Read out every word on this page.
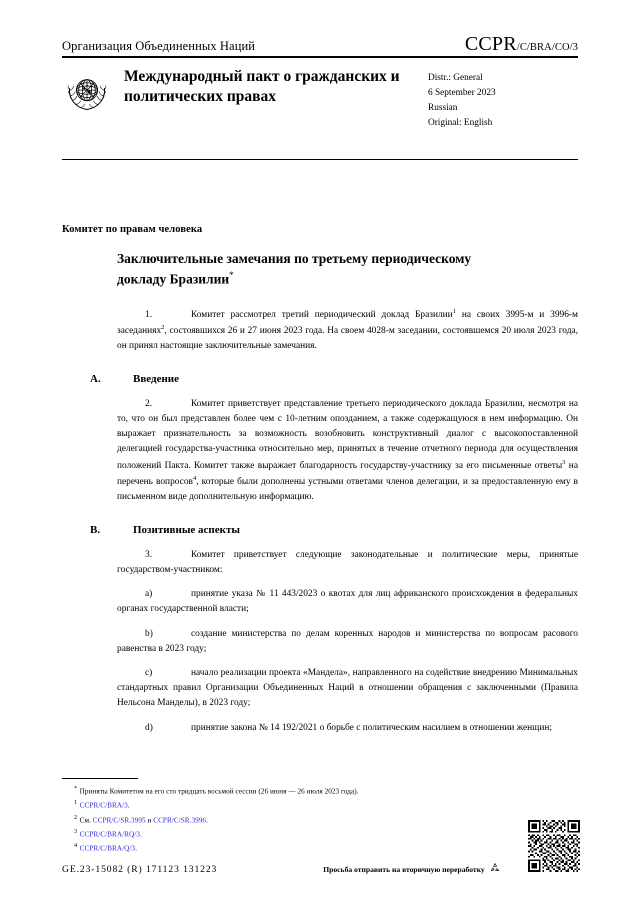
Организация Объединенных Наций	CCPR/C/BRA/CO/3
Международный пакт о гражданских и политических правах
Distr.: General
6 September 2023
Russian
Original: English
Комитет по правам человека
Заключительные замечания по третьему периодическому докладу Бразилии*

1.	Комитет рассмотрел третий периодический доклад Бразилии$^1$ на своих 3995-м и 3996-м заседаниях$^2$, состоявшихся 26 и 27 июня 2023 года. На своем 4028-м заседании, состоявшемся 20 июля 2023 года, он принял настоящие заключительные замечания.

A.	Введение

2.	Комитет приветствует представление третьего периодического доклада Бразилии, несмотря на то, что он был представлен более чем с 10-летним опозданием, а также содержащуюся в нем информацию. Он выражает признательность за возможность возобновить конструктивный диалог с высокопоставленной делегацией государства-участника относительно мер, принятых в течение отчетного периода для осуществления положений Пакта. Комитет также выражает благодарность государству-участнику за его письменные ответы$^3$ на перечень вопросов$^4$, которые были дополнены устными ответами членов делегации, и за предоставленную ему в письменном виде дополнительную информацию.

B.	Позитивные аспекты

3.	Комитет приветствует следующие законодательные и политические меры, принятые государством-участником:

a)	принятие указа № 11 443/2023 о квотах для лиц африканского происхождения в федеральных органах государственной власти;

b)	создание министерства по делам коренных народов и министерства по вопросам расового равенства в 2023 году;

c)	начало реализации проекта «Мандела», направленного на содействие внедрению Минимальных стандартных правил Организации Объединенных Наций в отношении обращения с заключенными (Правила Нельсона Манделы), в 2023 году;

d)	принятие закона № 14 192/2021 о борьбе с политическим насилием в отношении женщин;

* Приняты Комитетом на его сто тридцать восьмой сессии (26 июня — 26 июля 2023 года).

1 CCPR/C/BRA/3.

2 См. CCPR/C/SR.3995 и CCPR/C/SR.3996.

3 CCPR/C/BRA/RQ/3.

4 CCPR/C/BRA/Q/3.

GE.23-15082 (R) 171123 131223	Просьба отправить на вторичную переработку
